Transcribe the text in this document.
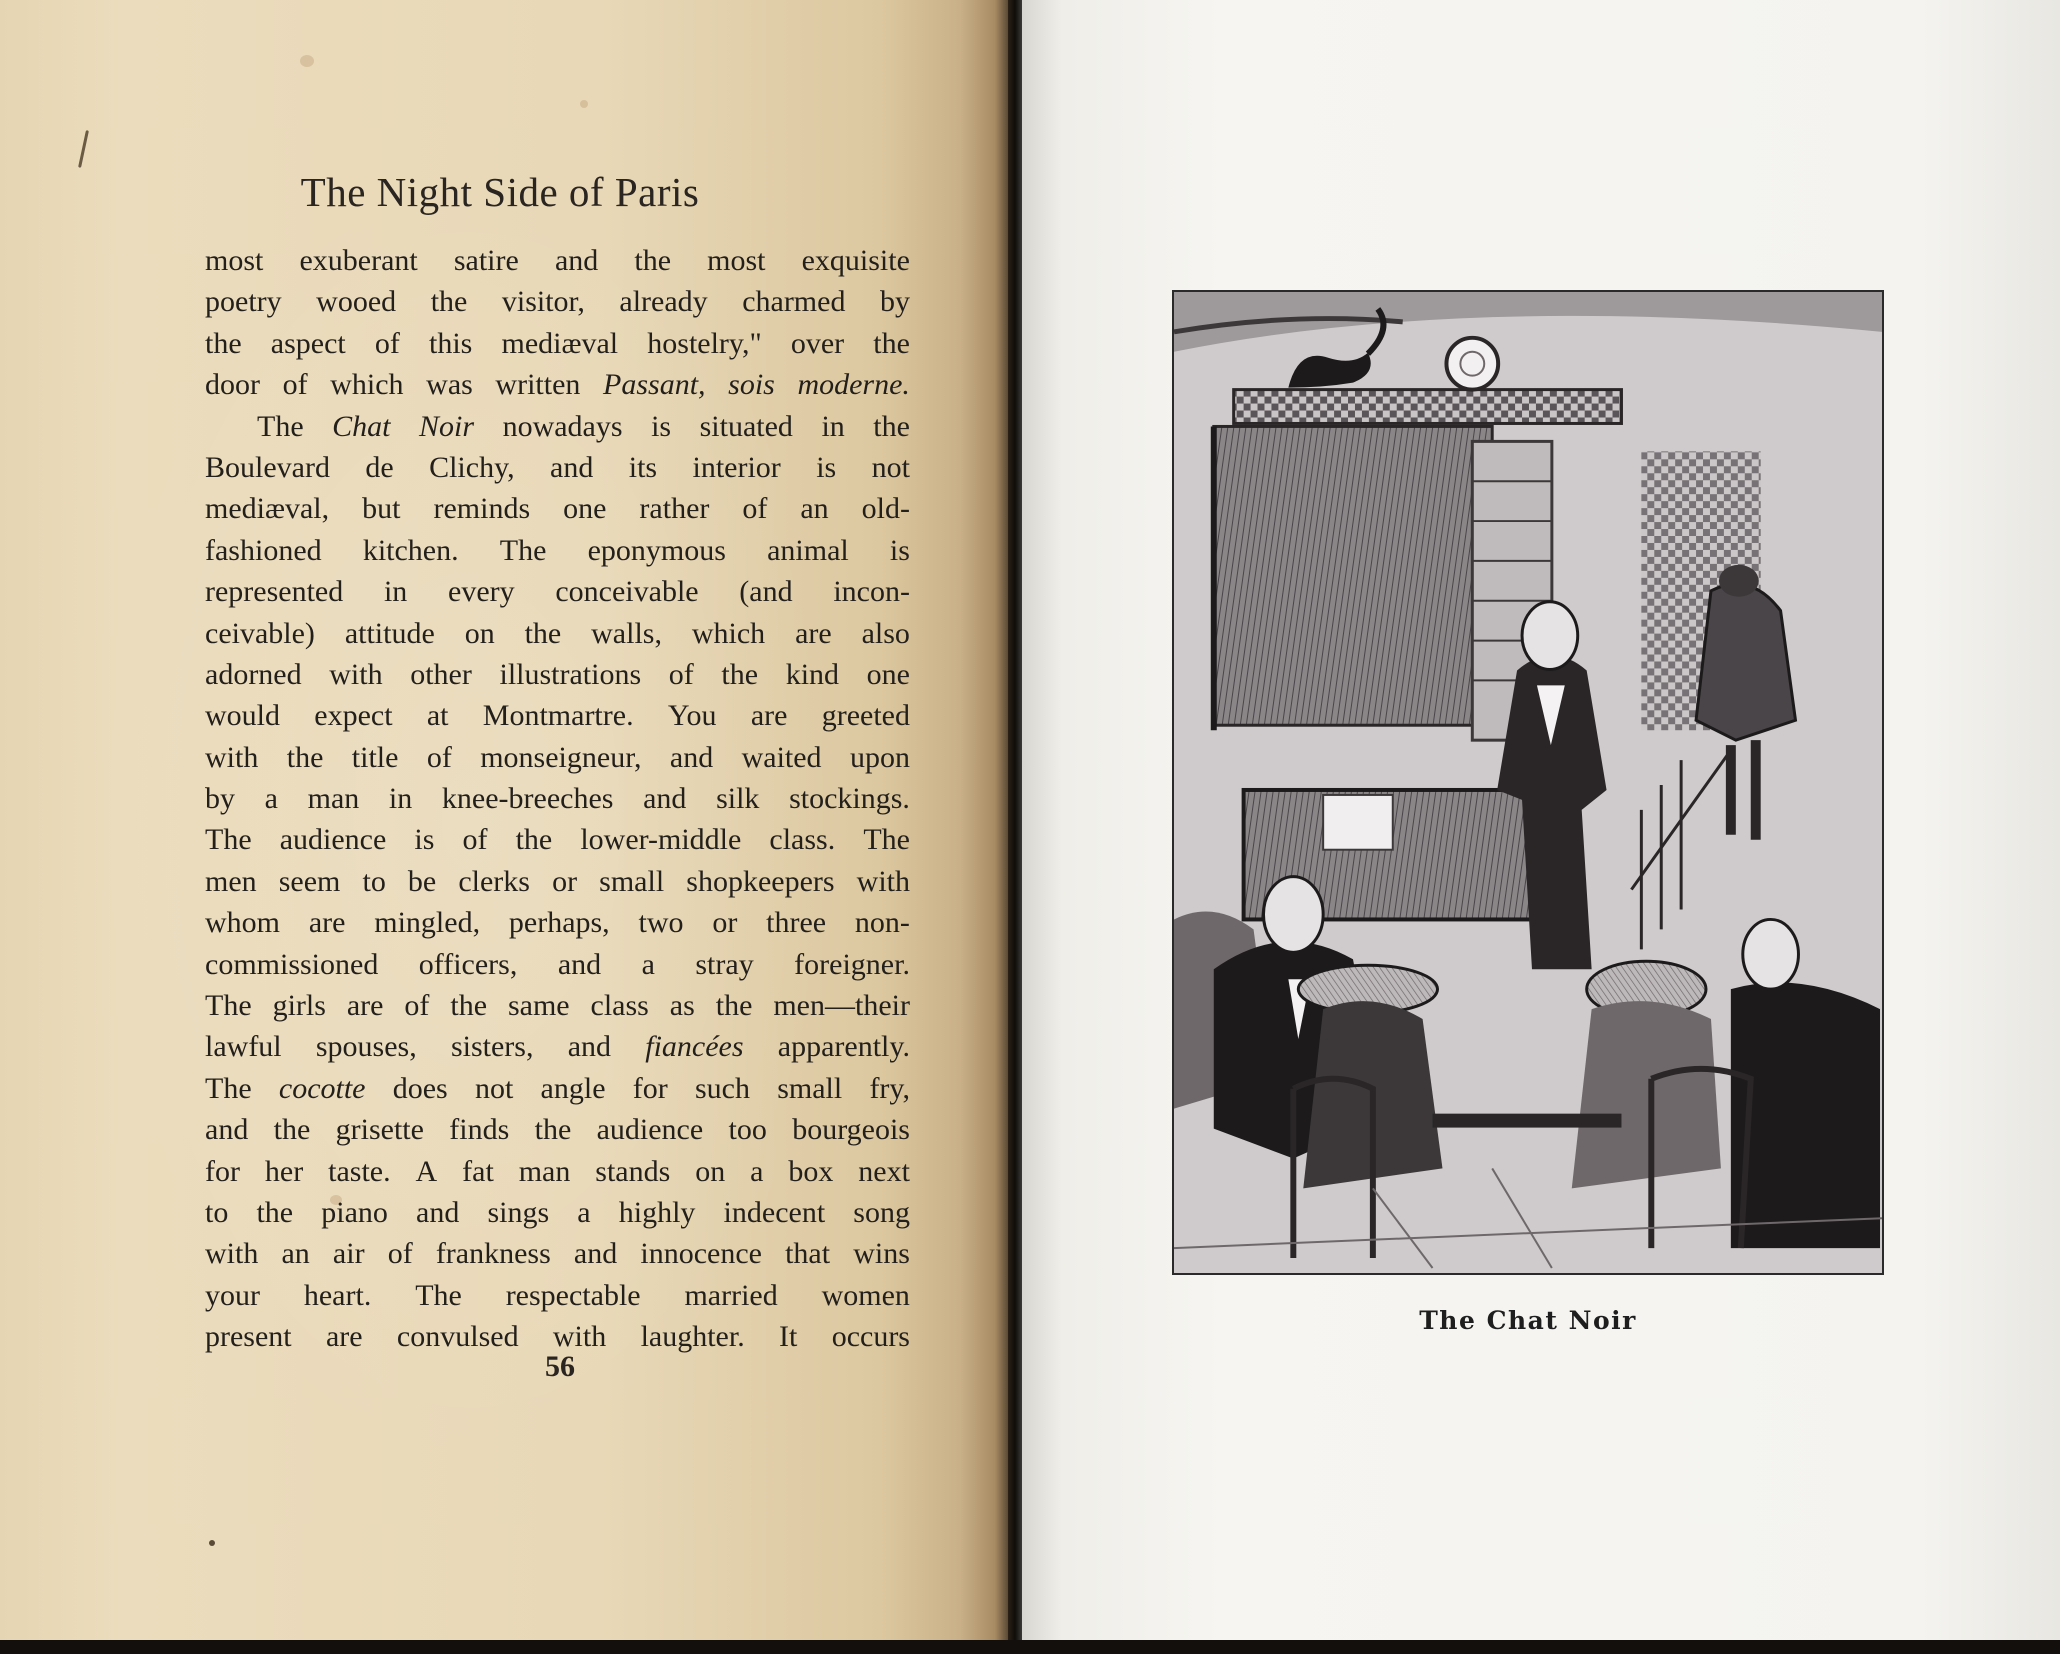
The Night Side of Paris
most exuberant satire and the most exquisite
poetry wooed the visitor, already charmed by
the aspect of this mediæval hostelry," over the
door of which was written Passant, sois moderne.
The Chat Noir nowadays is situated in the
Boulevard de Clichy, and its interior is not
mediæval, but reminds one rather of an old-
fashioned kitchen. The eponymous animal is
represented in every conceivable (and incon-
ceivable) attitude on the walls, which are also
adorned with other illustrations of the kind one
would expect at Montmartre. You are greeted
with the title of monseigneur, and waited upon
by a man in knee-breeches and silk stockings.
The audience is of the lower-middle class. The
men seem to be clerks or small shopkeepers with
whom are mingled, perhaps, two or three non-
commissioned officers, and a stray foreigner.
The girls are of the same class as the men—their
lawful spouses, sisters, and fiancées apparently.
The cocotte does not angle for such small fry,
and the grisette finds the audience too bourgeois
for her taste. A fat man stands on a box next
to the piano and sings a highly indecent song
with an air of frankness and innocence that wins
your heart. The respectable married women
present are convulsed with laughter. It occurs
56
The Chat Noir
